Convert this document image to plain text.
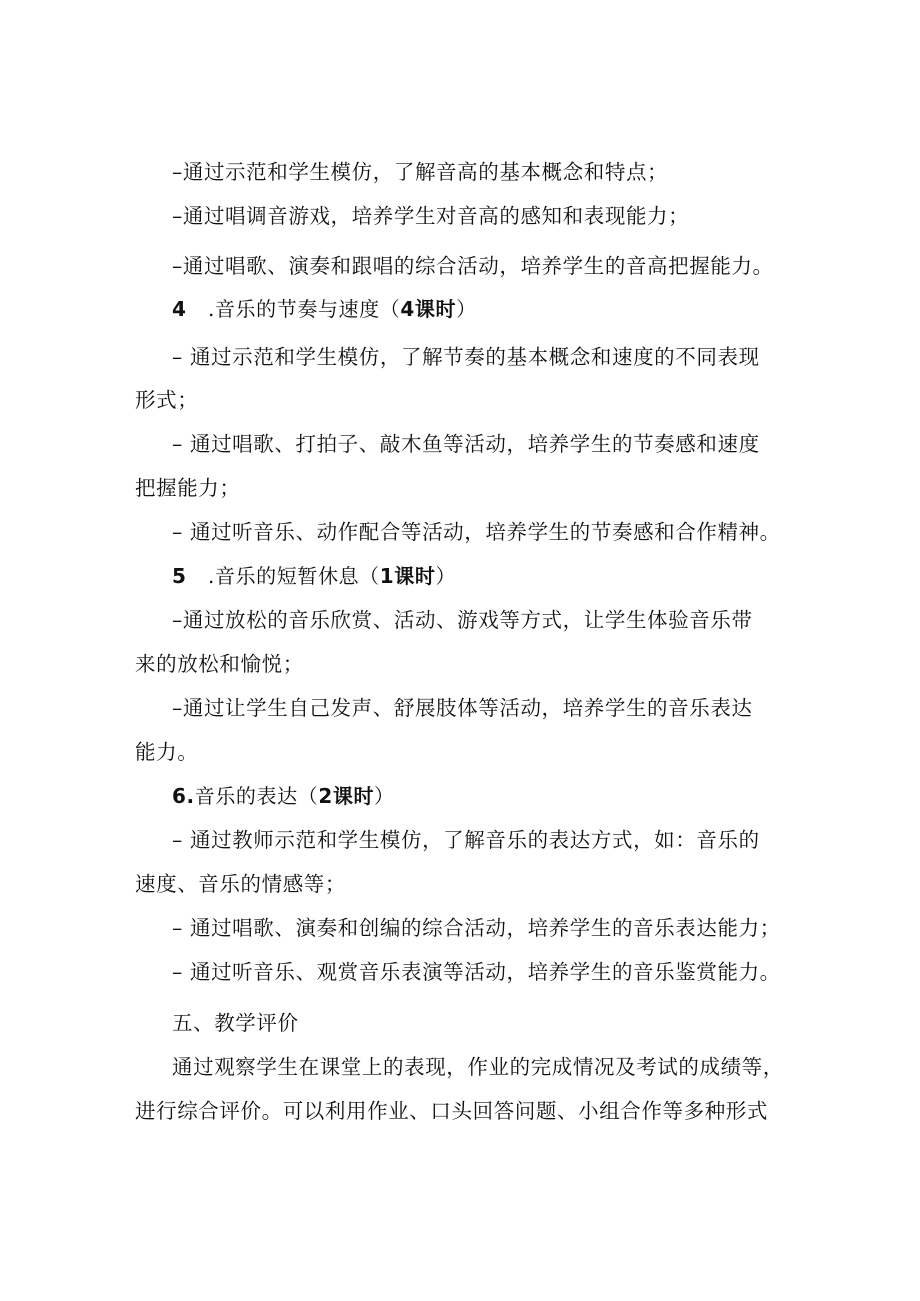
–通过示范和学生模仿，了解音高的基本概念和特点；
–通过唱调音游戏，培养学生对音高的感知和表现能力；
–通过唱歌、演奏和跟唱的综合活动，培养学生的音高把握能力。
4 .音乐的节奏与速度（4课时）
– 通过示范和学生模仿，了解节奏的基本概念和速度的不同表现
形式；
– 通过唱歌、打拍子、敲木鱼等活动，培养学生的节奏感和速度
把握能力；
– 通过听音乐、动作配合等活动，培养学生的节奏感和合作精神。
5 .音乐的短暂休息（1课时）
–通过放松的音乐欣赏、活动、游戏等方式，让学生体验音乐带
来的放松和愉悦；
–通过让学生自己发声、舒展肢体等活动，培养学生的音乐表达
能力。
6.音乐的表达（2课时）
– 通过教师示范和学生模仿，了解音乐的表达方式，如：音乐的
速度、音乐的情感等；
– 通过唱歌、演奏和创编的综合活动，培养学生的音乐表达能力；
– 通过听音乐、观赏音乐表演等活动，培养学生的音乐鉴赏能力。
五、教学评价
通过观察学生在课堂上的表现，作业的完成情况及考试的成绩等，
进行综合评价。可以利用作业、口头回答问题、小组合作等多种形式
